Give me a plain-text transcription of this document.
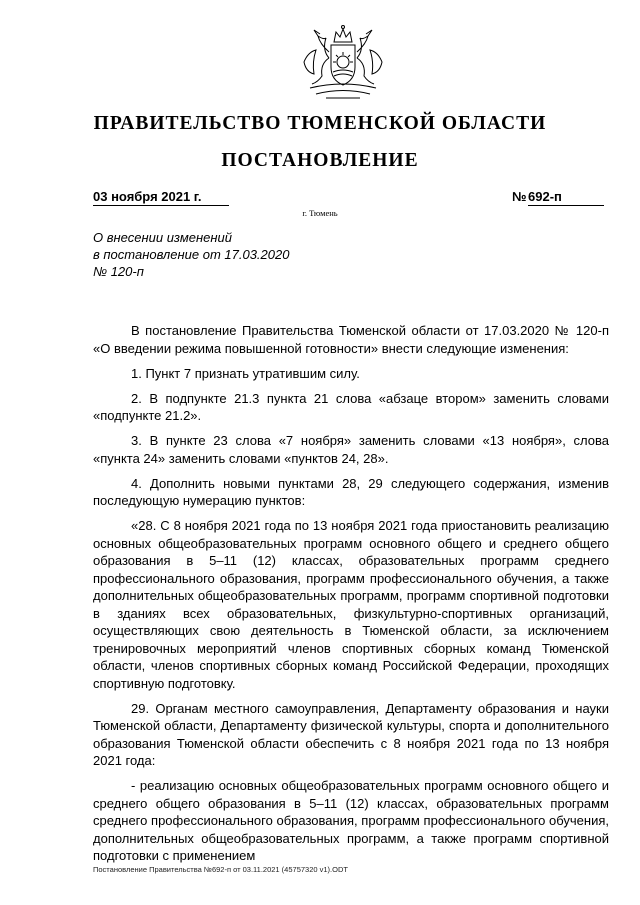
ПРАВИТЕЛЬСТВО ТЮМЕНСКОЙ ОБЛАСТИ
ПОСТАНОВЛЕНИЕ
03 ноября 2021 г.	№ 692-п
г. Тюмень
О внесении изменений
в постановление от 17.03.2020
№ 120-п

В постановление Правительства Тюменской области от 17.03.2020 № 120-п «О введении режима повышенной готовности» внести следующие изменения:

1. Пункт 7 признать утратившим силу.

2. В подпункте 21.3 пункта 21 слова «абзаце втором» заменить словами «подпункте 21.2».

3. В пункте 23 слова «7 ноября» заменить словами «13 ноября», слова «пункта 24» заменить словами «пунктов 24, 28».

4. Дополнить новыми пунктами 28, 29 следующего содержания, изменив последующую нумерацию пунктов:

«28. С 8 ноября 2021 года по 13 ноября 2021 года приостановить реализацию основных общеобразовательных программ основного общего и среднего общего образования в 5–11 (12) классах, образовательных программ среднего профессионального образования, программ профессионального обучения, а также дополнительных общеобразовательных программ, программ спортивной подготовки в зданиях всех образовательных, физкультурно-спортивных организаций, осуществляющих свою деятельность в Тюменской области, за исключением тренировочных мероприятий членов спортивных сборных команд Тюменской области, членов спортивных сборных команд Российской Федерации, проходящих спортивную подготовку.

29. Органам местного самоуправления, Департаменту образования и науки Тюменской области, Департаменту физической культуры, спорта и дополнительного образования Тюменской области обеспечить с 8 ноября 2021 года по 13 ноября 2021 года:

- реализацию основных общеобразовательных программ основного общего и среднего общего образования в 5–11 (12) классах, образовательных программ среднего профессионального образования, программ профессионального обучения, дополнительных общеобразовательных программ, а также программ спортивной подготовки с применением

Постановление Правительства №692-п от 03.11.2021 (45757320 v1).ODT
